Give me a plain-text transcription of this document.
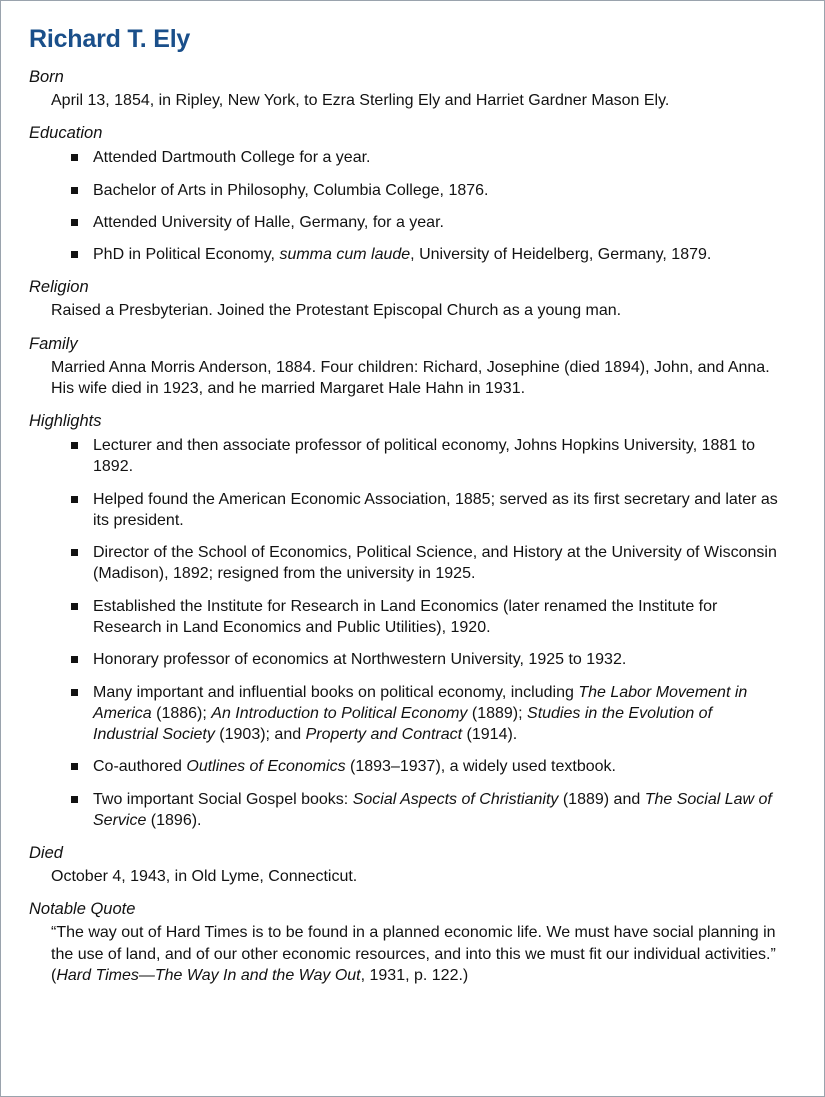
Richard T. Ely
Born
April 13, 1854, in Ripley, New York, to Ezra Sterling Ely and Harriet Gardner Mason Ely.
Education
Attended Dartmouth College for a year.
Bachelor of Arts in Philosophy, Columbia College, 1876.
Attended University of Halle, Germany, for a year.
PhD in Political Economy, summa cum laude, University of Heidelberg, Germany, 1879.
Religion
Raised a Presbyterian. Joined the Protestant Episcopal Church as a young man.
Family
Married Anna Morris Anderson, 1884. Four children: Richard, Josephine (died 1894), John, and Anna. His wife died in 1923, and he married Margaret Hale Hahn in 1931.
Highlights
Lecturer and then associate professor of political economy, Johns Hopkins University, 1881 to 1892.
Helped found the American Economic Association, 1885; served as its first secretary and later as its president.
Director of the School of Economics, Political Science, and History at the University of Wisconsin (Madison), 1892; resigned from the university in 1925.
Established the Institute for Research in Land Economics (later renamed the Institute for Research in Land Economics and Public Utilities), 1920.
Honorary professor of economics at Northwestern University, 1925 to 1932.
Many important and influential books on political economy, including The Labor Movement in America (1886); An Introduction to Political Economy (1889); Studies in the Evolution of Industrial Society (1903); and Property and Contract (1914).
Co-authored Outlines of Economics (1893–1937), a widely used textbook.
Two important Social Gospel books: Social Aspects of Christianity (1889) and The Social Law of Service (1896).
Died
October 4, 1943, in Old Lyme, Connecticut.
Notable Quote
“The way out of Hard Times is to be found in a planned economic life. We must have social planning in the use of land, and of our other economic resources, and into this we must fit our individual activities.” (Hard Times—The Way In and the Way Out, 1931, p. 122.)
